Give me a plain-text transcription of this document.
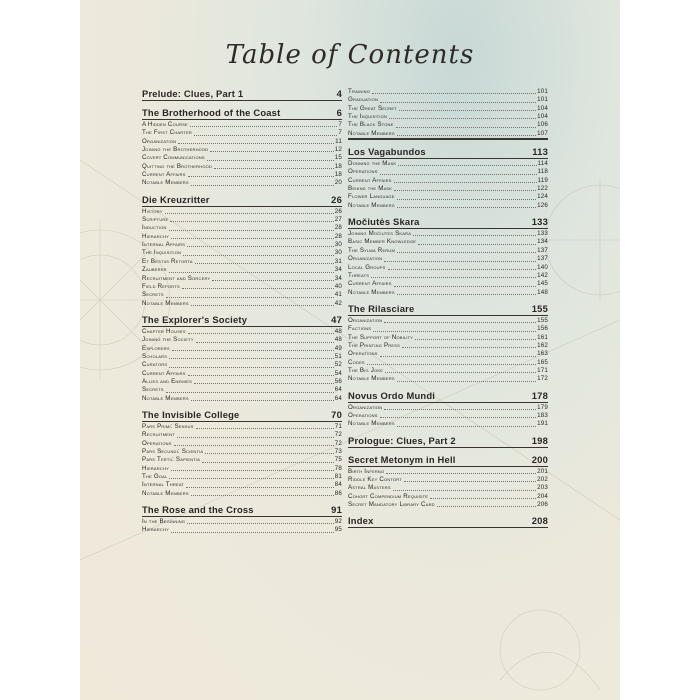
Table of Contents
Prelude: Clues, Part 1	4
The Brotherhood of the Coast	6
A Hidden Course	7
The First Charter	7
Organization	11
Joining the Brotherhood	12
Covert Communications	15
Quitting the Brotherhood	18
Current Affairs	18
Notable Members	20
Die Kreuzritter	26
History	26
Scripture	27
Induction	28
Hierarchy	28
Internal Affairs	30
The Inquisition	30
Et Bestiis Retorta	31
Zauberer	34
Recruitment and Sorcery	34
Field Reports	40
Secrets	41
Notable Members	42
The Explorer's Society	47
Chapter Houses	48
Joining the Society	48
Explorers	49
Scholars	51
Curators	52
Current Affairs	54
Allies and Enemies	56
Secrets	64
Notable Members	64
The Invisible College	70
Pars Primi: Sensus	71
Recruitment	72
Operations	72
Pars Secundi: Scientia	73
Pars Tertii: Sapientia	75
Hierarchy	78
The Goal	81
Internal Threat	84
Notable Members	86
The Rose and the Cross	91
In the Beginning	92
Hierarchy	95
Training	101
Graduation	101
The Great Secret	104
The Inquisition	104
The Black Stone	106
Notable Members	107
Los Vagabundos	113
Donning the Mask	114
Operations	118
Current Affairs	119
Behind the Mask	122
Flower Language	124
Notable Members	126
Močiutės Skara	133
Joining Močiutės Skara	133
Basic Member Knowledge	134
The Sylwa Rerum	137
Organization	137
Local Groups	140
Threats	142
Current Affairs	145
Notable Members	148
The Rilasciare	155
Organization	155
Factions	156
The Support of Nobility	161
The Printing Press	162
Operations	163
Codes	165
The Big Joke	171
Notable Members	172
Novus Ordo Mundi	178
Organization	179
Operations	183
Notable Members	191
Prologue: Clues, Part 2	198
Secret Metonym in Hell	200
Birth Inferno	201
Riddle Key Contort	202
Astral Masters	203
Cohort Compendium Requisite	204
Secret Mandatory Library Card	206
Index	208
